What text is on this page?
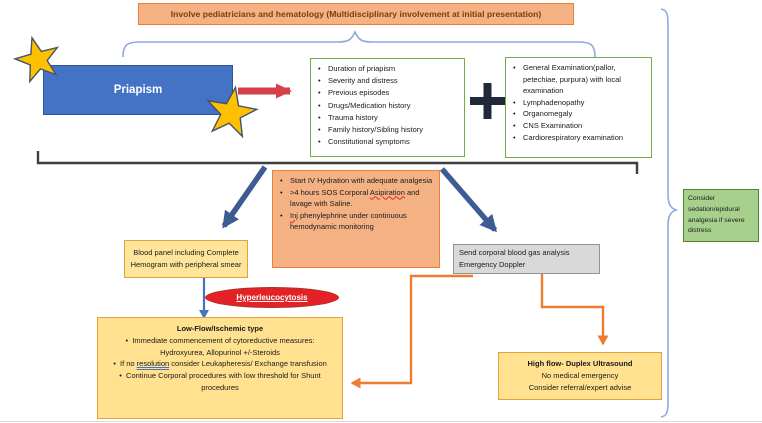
Involve pediatricians and hematology (Multidisciplinary involvement at initial presentation)
Priapism
• Duration of priapism
• Severity and distress
• Previous episodes
• Drugs/Medication history
• Trauma history
• Family history/Sibling history
• Constitutional symptoms
• General Examination(pallor, petechiae, purpura) with local examination
• Lymphadenopathy
• Organomegaly
• CNS Examination
• Cardiorespiratory examination
• Start IV Hydration with adequate analgesia
• >4 hours SOS Corporal Asipiration and lavage with Saline.
• Inj phenylephrine under continuous hemodynamic monitoring
Blood panel including Complete Hemogram with peripheral smear
Hyperleucocytosis
Low-Flow/Ischemic type
•  Immediate commencement of cytoreductive measures: Hydroxyurea, Allopurinol +/-Steroids
•  If no resolution consider Leukapheresis/ Exchange transfusion
•  Continue Corporal procedures with low threshold for Shunt procedures
Send corporal blood gas analysis
Emergency Doppler
High flow- Duplex Ultrasound
No medical emergency
Consider referral/expert advise
Consider sedation/epidural analgesia if severe distress
